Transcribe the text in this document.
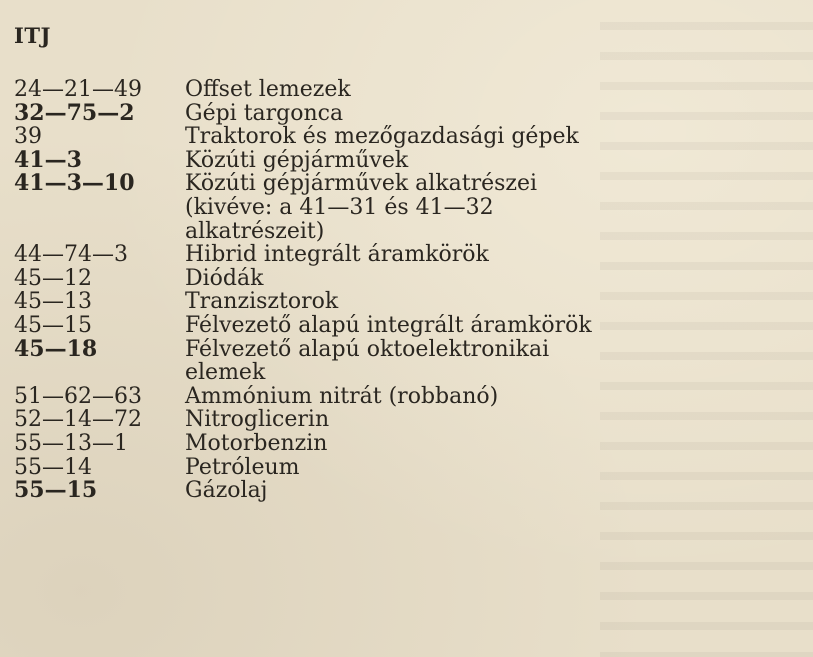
ITJ
24—21—49	Offset lemezek
32—75—2	Gépi targonca
39	Traktorok és mezőgazdasági gépek
41—3	Közúti gépjárművek
41—3—10	Közúti gépjárművek alkatrészei
(kivéve: a 41—31 és 41—32
alkatrészeit)
44—74—3	Hibrid integrált áramkörök
45—12	Diódák
45—13	Tranzisztorok
45—15	Félvezető alapú integrált áramkörök
45—18	Félvezető alapú oktoelektronikai
elemek
51—62—63	Ammónium nitrát (robbanó)
52—14—72	Nitroglicerin
55—13—1	Motorbenzin
55—14	Petróleum
55—15	Gázolaj
